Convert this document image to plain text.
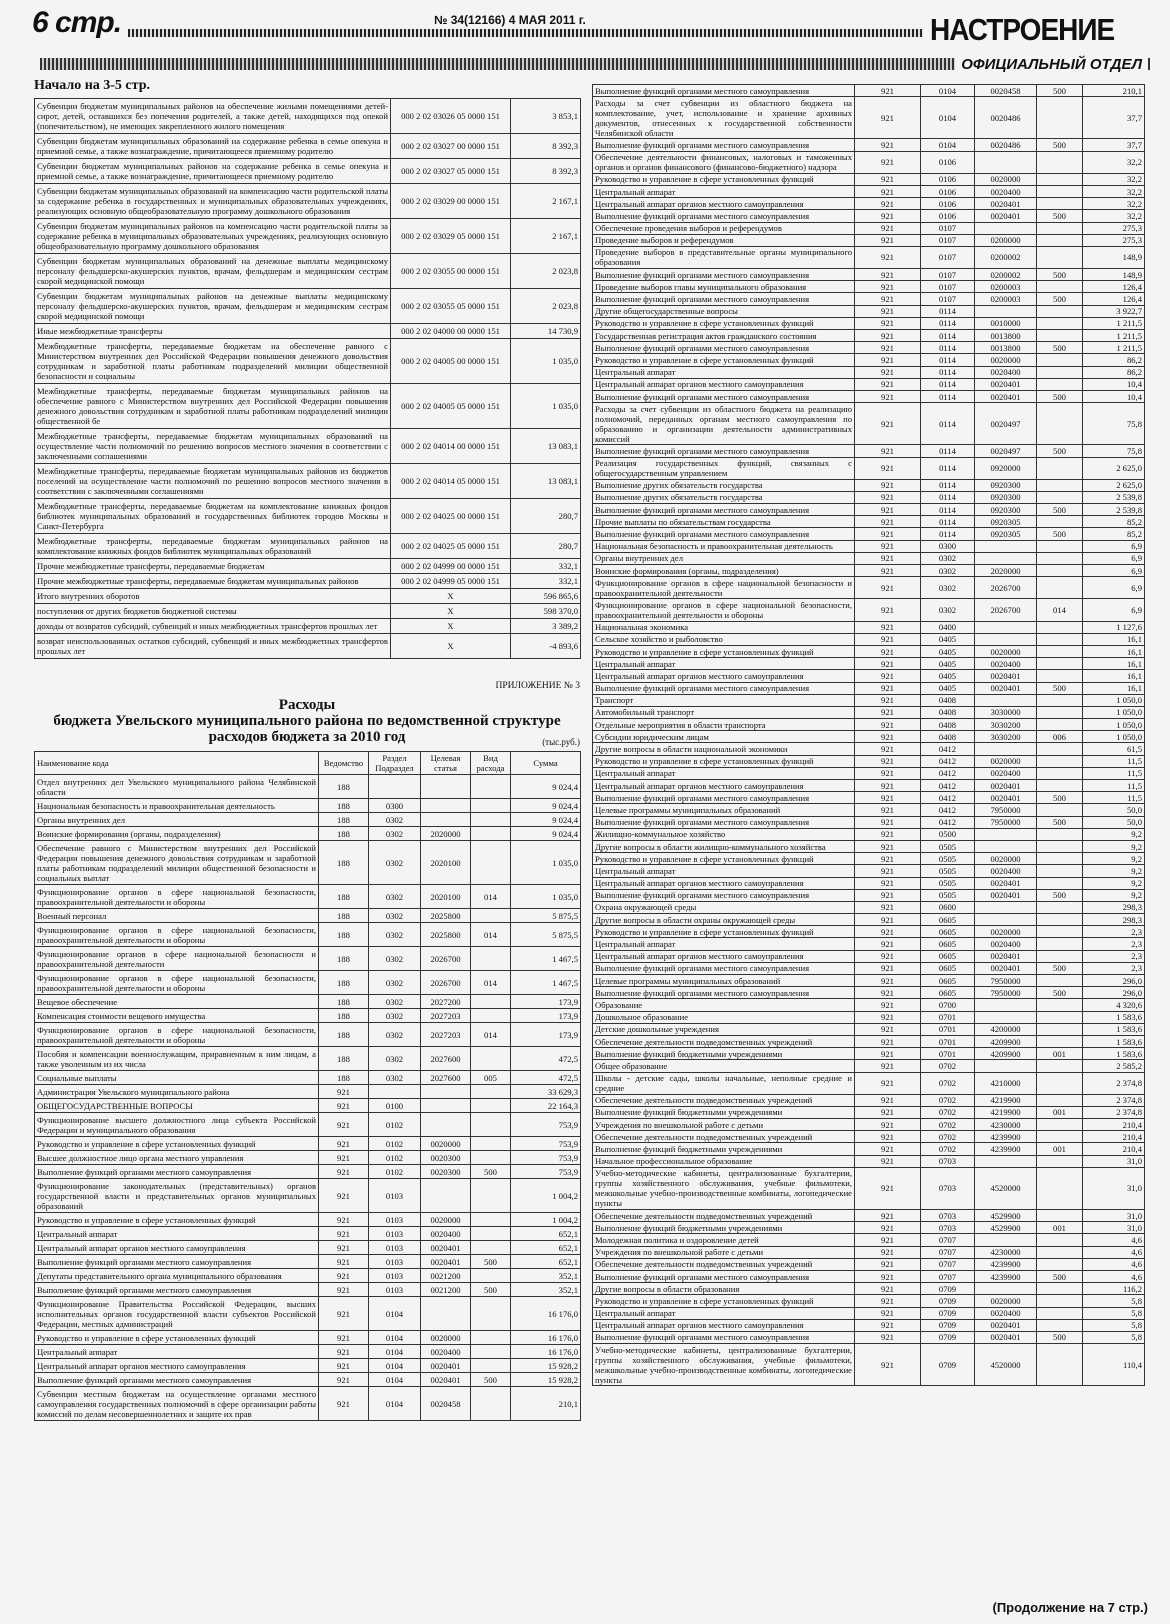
6 стр.	№ 34(12166) 4 МАЯ 2011 г.	НАСТРОЕНИЕ
ОФИЦИАЛЬНЫЙ ОТДЕЛ
Начало на 3-5 стр.
Субвенции бюджетам муниципальных районов на обеспечение жилыми помещениями детей-сирот, детей, оставшихся без попечения родителей, а также детей, находящихся под опекой (попечительством), не имеющих закрепленного жилого помещения	000 2 02 03026 05 0000 151	3 853,1
Субвенции бюджетам муниципальных образований на содержание ребенка в семье опекуна и приемной семье, а также вознаграждение, причитающееся приемному родителю	000 2 02 03027 00 0000 151	8 392,3
Субвенции бюджетам муниципальных районов на содержание ребенка в семье опекуна и приемной семье, а также вознаграждение, причитающееся приемному родителю	000 2 02 03027 05 0000 151	8 392,3
Субвенции бюджетам муниципальных образований на компенсацию части родительской платы за содержание ребенка в государственных и муниципальных образовательных учреждениях, реализующих основную общеобразовательную программу дошкольного образования	000 2 02 03029 00 0000 151	2 167,1
Субвенции бюджетам муниципальных районов на компенсацию части родительской платы за содержание ребенка в муниципальных образовательных учреждениях, реализующих основную общеобразовательную программу дошкольного образования	000 2 02 03029 05 0000 151	2 167,1
Субвенции бюджетам муниципальных образований на денежные выплаты медицинскому персоналу фельдшерско-акушерских пунктов, врачам, фельдшерам и медицинским сестрам скорой медицинской помощи	000 2 02 03055 00 0000 151	2 023,8
Субвенции бюджетам муниципальных районов на денежные выплаты медицинскому персоналу фельдшерско-акушерских пунктов, врачам, фельдшерам и медицинским сестрам скорой медицинской помощи	000 2 02 03055 05 0000 151	2 023,8
Иные межбюджетные трансферты	000 2 02 04000 00 0000 151	14 730,9
Межбюджетные трансферты, передаваемые бюджетам на обеспечение равного с Министерством внутренних дел Российской Федерации повышения денежного довольствия сотрудникам и заработной платы работникам подразделений милиции общественной безопасности и социальны	000 2 02 04005 00 0000 151	1 035,0
Межбюджетные трансферты, передаваемые бюджетам муниципальных районов на обеспечение равного с Министерством внутренних дел Российской Федерации повышения денежного довольствия сотрудникам и заработной платы работникам подразделений милиции общественной бе	000 2 02 04005 05 0000 151	1 035,0
Межбюджетные трансферты, передаваемые бюджетам муниципальных образований на осуществление части полномочий по решению вопросов местного значения в соответствии с заключенными соглашениями	000 2 02 04014 00 0000 151	13 083,1
Межбюджетные трансферты, передаваемые бюджетам муниципальных районов из бюджетов поселений на осуществление части полномочий по решению вопросов местного значения в соответствии с заключенными соглашениями	000 2 02 04014 05 0000 151	13 083,1
Межбюджетные трансферты, передаваемые бюджетам на комплектование книжных фондов библиотек муниципальных образований и государственных библиотек городов Москвы и Санкт-Петербурга	000 2 02 04025 00 0000 151	280,7
Межбюджетные трансферты, передаваемые бюджетам муниципальных районов на комплектование книжных фондов библиотек муниципальных образований	000 2 02 04025 05 0000 151	280,7
Прочие межбюджетные трансферты, передаваемые бюджетам	000 2 02 04999 00 0000 151	332,1
Прочие межбюджетные трансферты, передаваемые бюджетам муниципальных районов	000 2 02 04999 05 0000 151	332,1
Итого внутренних оборотов	X	596 865,6
поступления от других бюджетов бюджетной системы	X	598 370,0
доходы от возвратов субсидий, субвенций и иных межбюджетных трансфертов прошлых лет	X	3 389,2
возврат неиспользованных остатков субсидий, субвенций и иных межбюджетных трансфертов прошлых лет	X	-4 893,6
ПРИЛОЖЕНИЕ № 3
Расходы
бюджета Увельского муниципального района по ведомственной структуре
расходов бюджета за 2010 год	(тыс.руб.)
Наименование кода	Ведомство	Раздел Подраздел	Целевая статья	Вид расхода	Сумма
Отдел внутренних дел Увельского муниципального района Челябинской области	188				9 024,4
Национальная безопасность и правоохранительная деятельность	188	0300			9 024,4
Органы внутренних дел	188	0302			9 024,4
Воинские формирования (органы, подразделения)	188	0302	2020000		9 024,4
Обеспечение равного с Министерством внутренних дел Российской Федерации повышения денежного довольствия сотрудникам и заработной платы работникам подразделений милиции общественной безопасности и социальных выплат	188	0302	2020100		1 035,0
Функционирование органов в сфере национальной безопасности, правоохранительной деятельности и обороны	188	0302	2020100	014	1 035,0
Военный персонал	188	0302	2025800		5 875,5
Функционирование органов в сфере национальной безопасности, правоохранительной деятельности и обороны	188	0302	2025800	014	5 875,5
Функционирование органов в сфере национальной безопасности и правоохранительной деятельности	188	0302	2026700		1 467,5
Функционирование органов в сфере национальной безопасности, правоохранительной деятельности и обороны	188	0302	2026700	014	1 467,5
Вещевое обеспечение	188	0302	2027200		173,9
Компенсация стоимости вещевого имущества	188	0302	2027203		173,9
Функционирование органов в сфере национальной безопасности, правоохранительной деятельности и обороны	188	0302	2027203	014	173,9
Пособия и компенсации военнослужащим, приравненным к ним лицам, а также уволенным из их числа	188	0302	2027600		472,5
Социальные выплаты	188	0302	2027600	005	472,5
Администрация Увельского муниципального района	921				33 629,3
ОБЩЕГОСУДАРСТВЕННЫЕ ВОПРОСЫ	921	0100			22 164,3
Функционирование высшего должностного лица субъекта Российской Федерации и муниципального образования	921	0102			753,9
Руководство и управление в сфере установленных функций	921	0102	0020000		753,9
Высшее должностное лицо органа местного управления	921	0102	0020300		753,9
Выполнение функций органами местного самоуправления	921	0102	0020300	500	753,9
Функционирование законодательных (представительных) органов государственной власти и представительных органов муниципальных образований	921	0103			1 004,2
Руководство и управление в сфере установленных функций	921	0103	0020000		1 004,2
Центральный аппарат	921	0103	0020400		652,1
Центральный аппарат органов местного самоуправления	921	0103	0020401		652,1
Выполнение функций органами местного самоуправления	921	0103	0020401	500	652,1
Депутаты представительного органа муниципального образования	921	0103	0021200		352,1
Выполнение функций органами местного самоуправления	921	0103	0021200	500	352,1
Функционирование Правительства Российской Федерации, высших исполнительных органов государственной власти субъектов Российской Федерации, местных администраций	921	0104			16 176,0
Руководство и управление в сфере установленных функций	921	0104	0020000		16 176,0
Центральный аппарат	921	0104	0020400		16 176,0
Центральный аппарат органов местного самоуправления	921	0104	0020401		15 928,2
Выполнение функций органами местного самоуправления	921	0104	0020401	500	15 928,2
Субвенции местным бюджетам на осуществление органами местного самоуправления государственных полномочий в сфере организации работы комиссий по делам несовершеннолетних и защите их прав	921	0104	0020458		210,1
Выполнение функций органами местного самоуправления	921	0104	0020458	500	210,1
Расходы за счет субвенции из областного бюджета на комплектование, учет, использование и хранение архивных документов, отнесенных к государственной собственности Челябинской области	921	0104	0020486		37,7
Выполнение функций органами местного самоуправления	921	0104	0020486	500	37,7
Обеспечение деятельности финансовых, налоговых и таможенных органов и органов финансового (финансово-бюджетного) надзора	921	0106			32,2
Руководство и управление в сфере установленных функций	921	0106	0020000		32,2
Центральный аппарат	921	0106	0020400		32,2
Центральный аппарат органов местного самоуправления	921	0106	0020401		32,2
Выполнение функций органами местного самоуправления	921	0106	0020401	500	32,2
Обеспечение проведения выборов и референдумов	921	0107			275,3
Проведение выборов и референдумов	921	0107	0200000		275,3
Проведение выборов в представительные органы муниципального образования	921	0107	0200002		148,9
Выполнение функций органами местного самоуправления	921	0107	0200002	500	148,9
Проведение выборов главы муниципального образования	921	0107	0200003		126,4
Выполнение функций органами местного самоуправления	921	0107	0200003	500	126,4
Другие общегосударственные вопросы	921	0114			3 922,7
Руководство и управление в сфере установленных функций	921	0114	0010000		1 211,5
Государственная регистрация актов гражданского состояния	921	0114	0013800		1 211,5
Выполнение функций органами местного самоуправления	921	0114	0013800	500	1 211,5
Руководство и управление в сфере установленных функций	921	0114	0020000		86,2
Центральный аппарат	921	0114	0020400		86,2
Центральный аппарат органов местного самоуправления	921	0114	0020401		10,4
Выполнение функций органами местного самоуправления	921	0114	0020401	500	10,4
Расходы за счет субвенции из областного бюджета на реализацию полномочий, переданных органам местного самоуправления по образованию и организации деятельности административных комиссий	921	0114	0020497		75,8
Выполнение функций органами местного самоуправления	921	0114	0020497	500	75,8
Реализация государственных функций, связанных с общегосударственным управлением	921	0114	0920000		2 625,0
Выполнение других обязательств государства	921	0114	0920300		2 625,0
Выполнение других обязательств государства	921	0114	0920300		2 539,8
Выполнение функций органами местного самоуправления	921	0114	0920300	500	2 539,8
Прочие выплаты по обязательствам государства	921	0114	0920305		85,2
Выполнение функций органами местного самоуправления	921	0114	0920305	500	85,2
Национальная безопасность и правоохранительная деятельность	921	0300			6,9
Органы внутренних дел	921	0302			6,9
Воинские формирования (органы, подразделения)	921	0302	2020000		6,9
Функционирование органов в сфере национальной безопасности и правоохранительной деятельности	921	0302	2026700		6,9
Функционирование органов в сфере национальной безопасности, правоохранительной деятельности и обороны	921	0302	2026700	014	6,9
Национальная экономика	921	0400			1 127,6
Сельское хозяйство и рыболовство	921	0405			16,1
Руководство и управление в сфере установленных функций	921	0405	0020000		16,1
Центральный аппарат	921	0405	0020400		16,1
Центральный аппарат органов местного самоуправления	921	0405	0020401		16,1
Выполнение функций органами местного самоуправления	921	0405	0020401	500	16,1
Транспорт	921	0408			1 050,0
Автомобильный транспорт	921	0408	3030000		1 050,0
Отдельные мероприятия в области транспорта	921	0408	3030200		1 050,0
Субсидии юридическим лицам	921	0408	3030200	006	1 050,0
Другие вопросы в области национальной экономики	921	0412			61,5
Руководство и управление в сфере установленных функций	921	0412	0020000		11,5
Центральный аппарат	921	0412	0020400		11,5
Центральный аппарат органов местного самоуправления	921	0412	0020401		11,5
Выполнение функций органами местного самоуправления	921	0412	0020401	500	11,5
Целевые программы муниципальных образований	921	0412	7950000		50,0
Выполнение функций органами местного самоуправления	921	0412	7950000	500	50,0
Жилищно-коммунальное хозяйство	921	0500			9,2
Другие вопросы в области жилищно-коммунального хозяйства	921	0505			9,2
Руководство и управление в сфере установленных функций	921	0505	0020000		9,2
Центральный аппарат	921	0505	0020400		9,2
Центральный аппарат органов местного самоуправления	921	0505	0020401		9,2
Выполнение функций органами местного самоуправления	921	0505	0020401	500	9,2
Охрана окружающей среды	921	0600			298,3
Другие вопросы в области охраны окружающей среды	921	0605			298,3
Руководство и управление в сфере установленных функций	921	0605	0020000		2,3
Центральный аппарат	921	0605	0020400		2,3
Центральный аппарат органов местного самоуправления	921	0605	0020401		2,3
Выполнение функций органами местного самоуправления	921	0605	0020401	500	2,3
Целевые программы муниципальных образований	921	0605	7950000		296,0
Выполнение функций органами местного самоуправления	921	0605	7950000	500	296,0
Образование	921	0700			4 320,6
Дошкольное образование	921	0701			1 583,6
Детские дошкольные учреждения	921	0701	4200000		1 583,6
Обеспечение деятельности подведомственных учреждений	921	0701	4209900		1 583,6
Выполнение функций бюджетными учреждениями	921	0701	4209900	001	1 583,6
Общее образование	921	0702			2 585,2
Школы - детские сады, школы начальные, неполные средние и средние	921	0702	4210000		2 374,8
Обеспечение деятельности подведомственных учреждений	921	0702	4219900		2 374,8
Выполнение функций бюджетными учреждениями	921	0702	4219900	001	2 374,8
Учреждения по внешкольной работе с детьми	921	0702	4230000		210,4
Обеспечение деятельности подведомственных учреждений	921	0702	4239900		210,4
Выполнение функций бюджетными учреждениями	921	0702	4239900	001	210,4
Начальное профессиональное образование	921	0703			31,0
Учебно-методические кабинеты, централизованные бухгалтерии, группы хозяйственного обслуживания, учебные фильмотеки, межшкольные учебно-производственные комбинаты, логопедические пункты	921	0703	4520000		31,0
Обеспечение деятельности подведомственных учреждений	921	0703	4529900		31,0
Выполнение функций бюджетными учреждениями	921	0703	4529900	001	31,0
Молодежная политика и оздоровление детей	921	0707			4,6
Учреждения по внешкольной работе с детьми	921	0707	4230000		4,6
Обеспечение деятельности подведомственных учреждений	921	0707	4239900		4,6
Выполнение функций органами местного самоуправления	921	0707	4239900	500	4,6
Другие вопросы в области образования	921	0709			116,2
Руководство и управление в сфере установленных функций	921	0709	0020000		5,8
Центральный аппарат	921	0709	0020400		5,8
Центральный аппарат органов местного самоуправления	921	0709	0020401		5,8
Выполнение функций органами местного самоуправления	921	0709	0020401	500	5,8
Учебно-методические кабинеты, централизованные бухгалтерии, группы хозяйственного обслуживания, учебные фильмотеки, межшкольные учебно-производственные комбинаты, логопедические пункты	921	0709	4520000		110,4
(Продолжение на 7 стр.)
